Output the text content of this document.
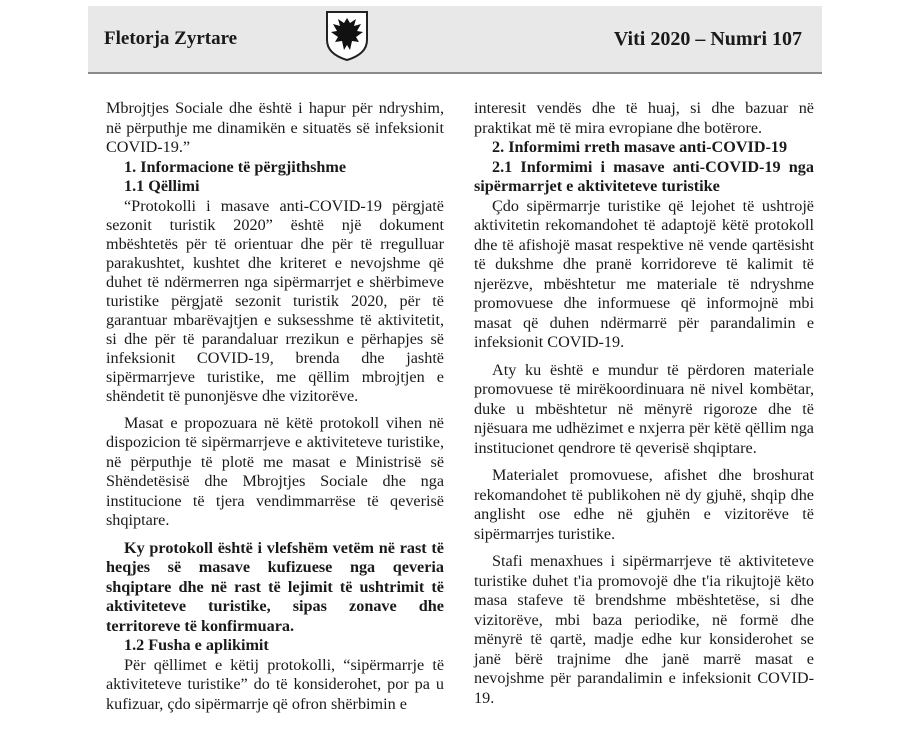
Fletorja Zyrtare	Viti 2020 – Numri 107

Mbrojtjes Sociale dhe është i hapur për ndryshim, në përputhje me dinamikën e situatës së infeksionit COVID-19.”

1. Informacione të përgjithshme

1.1 Qëllimi

“Protokolli i masave anti-COVID-19 përgjatë sezonit turistik 2020” është një dokument mbështetës për të orientuar dhe për të rregulluar parakushtet, kushtet dhe kriteret e nevojshme që duhet të ndërmerren nga sipërmarrjet e shërbimeve turistike përgjatë sezonit turistik 2020, për të garantuar mbarëvajtjen e suksesshme të aktivitetit, si dhe për të parandaluar rrezikun e përhapjes së infeksionit COVID-19, brenda dhe jashtë sipërmarrjeve turistike, me qëllim mbrojtjen e shëndetit të punonjësve dhe vizitorëve.

Masat e propozuara në këtë protokoll vihen në dispozicion të sipërmarrjeve e aktiviteteve turistike, në përputhje të plotë me masat e Ministrisë së Shëndetësisë dhe Mbrojtjes Sociale dhe nga institucione të tjera vendimmarrëse të qeverisë shqiptare.

Ky protokoll është i vlefshëm vetëm në rast të heqjes së masave kufizuese nga qeveria shqiptare dhe në rast të lejimit të ushtrimit të aktiviteteve turistike, sipas zonave dhe territoreve të konfirmuara.

1.2 Fusha e aplikimit

Për qëllimet e këtij protokolli, “sipërmarrje të aktiviteteve turistike” do të konsiderohet, por pa u kufizuar, çdo sipërmarrje që ofron shërbimin e

interesit vendës dhe të huaj, si dhe bazuar në praktikat më të mira evropiane dhe botërore.

2. Informimi rreth masave anti-COVID-19

2.1 Informimi i masave anti-COVID-19 nga sipërmarrjet e aktiviteteve turistike

Çdo sipërmarrje turistike që lejohet të ushtrojë aktivitetin rekomandohet të adaptojë këtë protokoll dhe të afishojë masat respektive në vende qartësisht të dukshme dhe pranë korridoreve të kalimit të njerëzve, mbështetur me materiale të ndryshme promovuese dhe informuese që informojnë mbi masat që duhen ndërmarrë për parandalimin e infeksionit COVID-19.

Aty ku është e mundur të përdoren materiale promovuese të mirëkoordinuara në nivel kombëtar, duke u mbështetur në mënyrë rigoroze dhe të njësuara me udhëzimet e nxjerra për këtë qëllim nga institucionet qendrore të qeverisë shqiptare.

Materialet promovuese, afishet dhe broshurat rekomandohet të publikohen në dy gjuhë, shqip dhe anglisht ose edhe në gjuhën e vizitorëve të sipërmarrjes turistike.

Stafi menaxhues i sipërmarrjeve të aktiviteteve turistike duhet t'ia promovojë dhe t'ia rikujtojë këto masa stafeve të brendshme mbështetëse, si dhe vizitorëve, mbi baza periodike, në formë dhe mënyrë të qartë, madje edhe kur konsiderohet se janë bërë trajnime dhe janë marrë masat e nevojshme për parandalimin e infeksionit COVID-19.
